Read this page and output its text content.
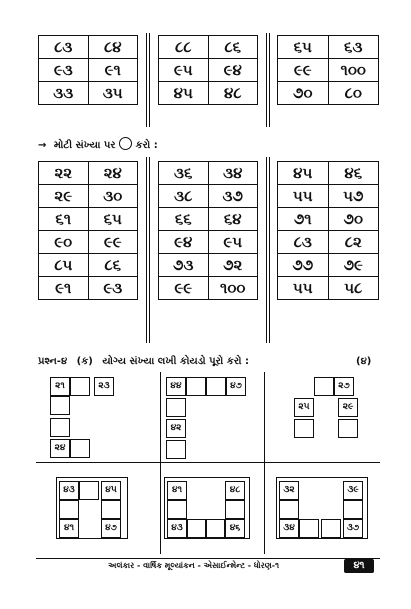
૮૩	૮૪
૯૩	૯૧
૩૩	૩૫
૮૮	૮૬
૯૫	૯૪
૪૫	૪૮
૬૫	૬૩
૯૯	૧૦૦
૭૦	૮૦
→ મોટી સંખ્યા પર કરો :
૨૨	૨૪
૨૯	૩૦
૬૧	૬૫
૯૦	૯૯
૮૫	૮૬
૯૧	૯૩
૩૬	૩૪
૩૮	૩૭
૬૬	૬૪
૯૪	૯૫
૭૩	૭૨
૯૯	૧૦૦
૪૫	૪૬
૫૫	૫૭
૭૧	૭૦
૮૩	૮૨
૭૭	૭૯
૫૫	૫૮
પ્રશ્ન-૪ (ક) યોગ્ય સંખ્યા લખી કોયડો પૂરો કરો :	(૪)
૨૧	૨૩
૨૪
૪૪	૪૭
૪૨
૨૭
૨૫	૨૯
૪૩	૪૫
૪૧	૪૭
૪૧	૪૮
૪૩	૪૬
૩૨	૩૯
૩૪	૩૭
અલંકાર - વાર્ષિક મૂલ્યાંકન - એસાઈન્મેન્ટ - ધોરણ-૧	૪૧
